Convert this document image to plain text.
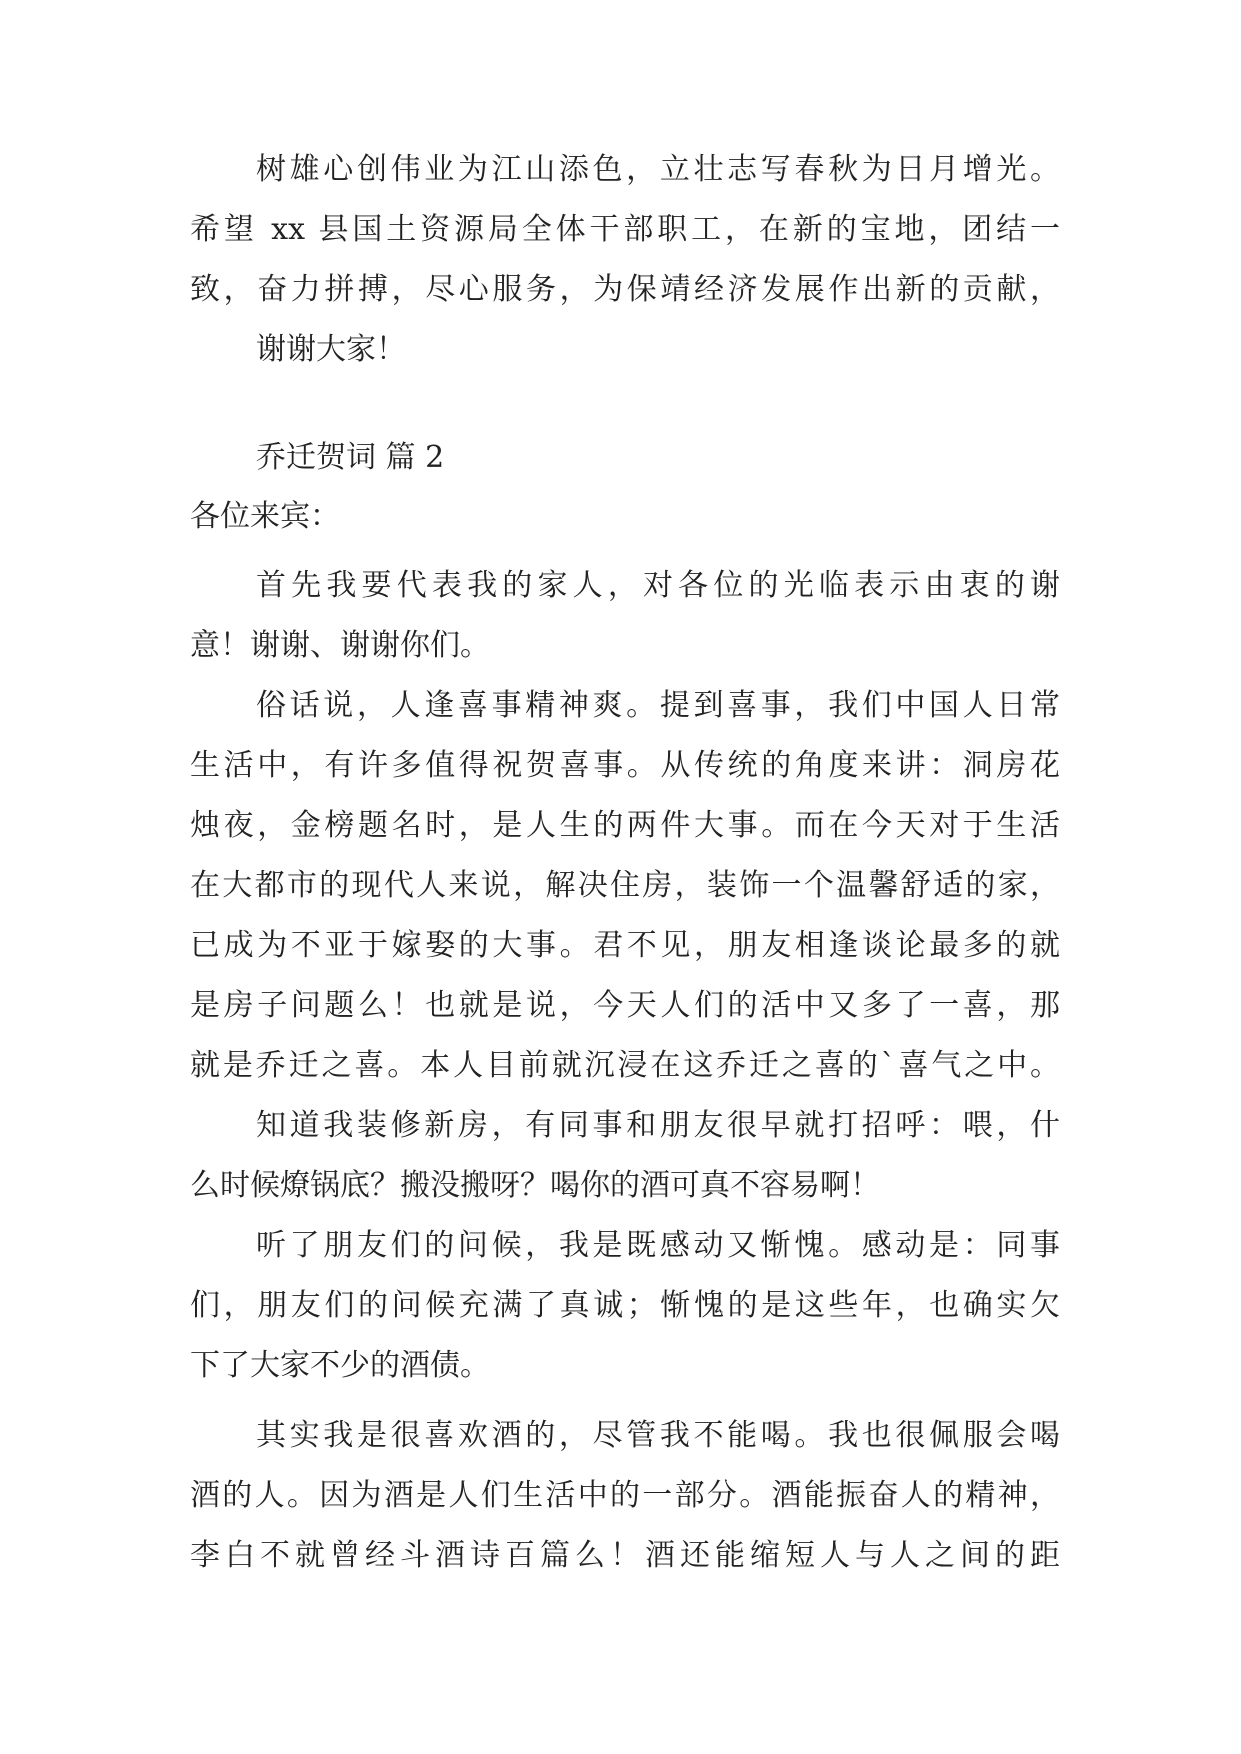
树雄心创伟业为江山添色，立壮志写春秋为日月增光。
希望 xx 县国土资源局全体干部职工，在新的宝地，团结一
致，奋力拼搏，尽心服务，为保靖经济发展作出新的贡献，
谢谢大家！
乔迁贺词 篇 2
各位来宾：
首先我要代表我的家人，对各位的光临表示由衷的谢
意！谢谢、谢谢你们。
俗话说，人逢喜事精神爽。提到喜事，我们中国人日常
生活中，有许多值得祝贺喜事。从传统的角度来讲：洞房花
烛夜，金榜题名时，是人生的两件大事。而在今天对于生活
在大都市的现代人来说，解决住房，装饰一个温馨舒适的家，
已成为不亚于嫁娶的大事。君不见，朋友相逢谈论最多的就
是房子问题么！也就是说，今天人们的活中又多了一喜，那
就是乔迁之喜。本人目前就沉浸在这乔迁之喜的`喜气之中。
知道我装修新房，有同事和朋友很早就打招呼：喂，什
么时候燎锅底？搬没搬呀？喝你的酒可真不容易啊！
听了朋友们的问候，我是既感动又惭愧。感动是：同事
们，朋友们的问候充满了真诚；惭愧的是这些年，也确实欠
下了大家不少的酒债。
其实我是很喜欢酒的，尽管我不能喝。我也很佩服会喝
酒的人。因为酒是人们生活中的一部分。酒能振奋人的精神，
李白不就曾经斗酒诗百篇么！酒还能缩短人与人之间的距
